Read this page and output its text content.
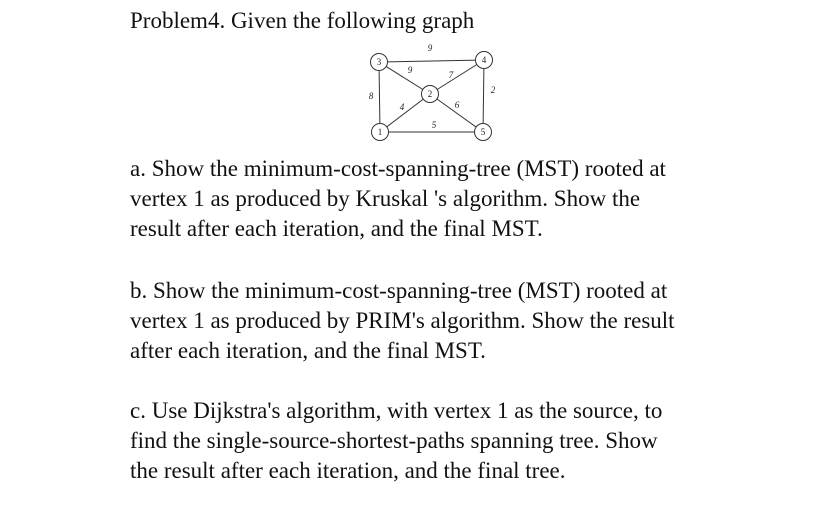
Problem4. Given the following graph
9
9	7
8
2
4	6
5
3	4
2
1	5
a. Show the minimum-cost-spanning-tree (MST) rooted at
vertex 1 as produced by Kruskal 's algorithm. Show the
result after each iteration, and the final MST.
b. Show the minimum-cost-spanning-tree (MST) rooted at
vertex 1 as produced by PRIM's algorithm. Show the result
after each iteration, and the final MST.
c. Use Dijkstra's algorithm, with vertex 1 as the source, to
find the single-source-shortest-paths spanning tree. Show
the result after each iteration, and the final tree.
